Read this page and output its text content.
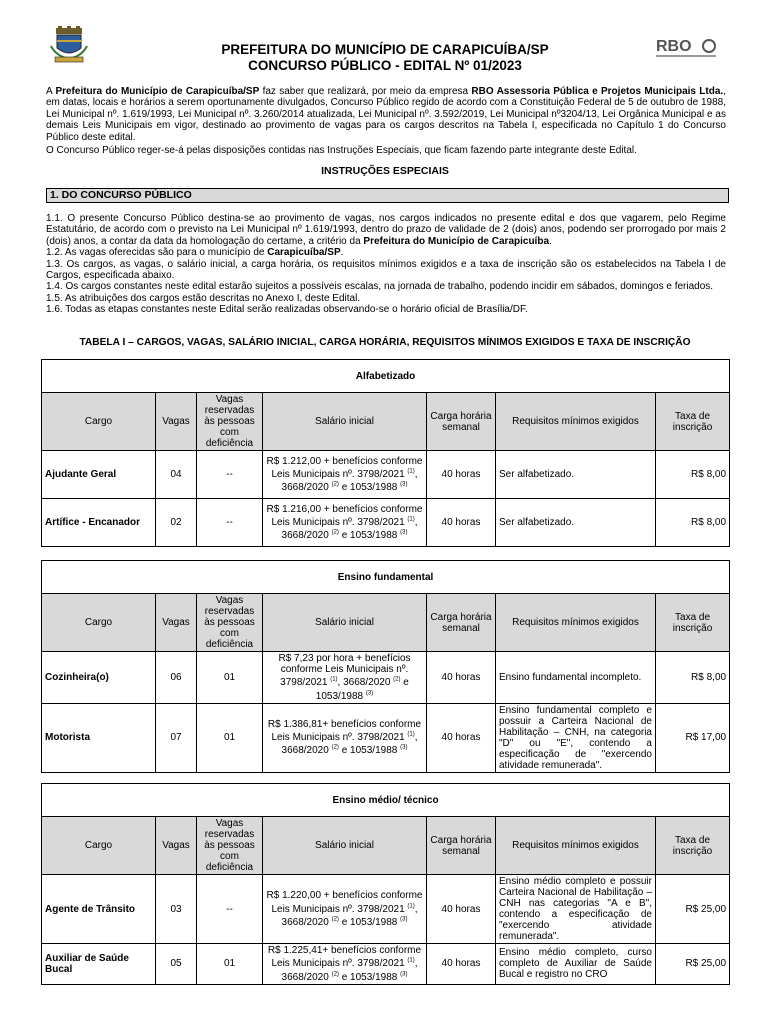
RBO
PREFEITURA DO MUNICÍPIO DE CARAPICUÍBA/SP
CONCURSO PÚBLICO - EDITAL Nº 01/2023

A Prefeitura do Município de Carapicuíba/SP faz saber que realizará, por meio da empresa RBO Assessoria Pública e Projetos Municipais Ltda., em datas, locais e horários a serem oportunamente divulgados, Concurso Público regido de acordo com a Constituição Federal de 5 de outubro de 1988, Lei Municipal nº. 1.619/1993, Lei Municipal nº. 3.260/2014 atualizada, Lei Municipal nº. 3.592/2019, Lei Municipal nº3204/13, Lei Orgânica Municipal e as demais Leis Municipais em vigor, destinado ao provimento de vagas para os cargos descritos na Tabela I, especificada no Capítulo 1 do Concurso Público deste edital.

O Concurso Público reger-se-á pelas disposições contidas nas Instruções Especiais, que ficam fazendo parte integrante deste Edital.

INSTRUÇÕES ESPECIAIS
1. DO CONCURSO PÚBLICO

1.1. O presente Concurso Público destina-se ao provimento de vagas, nos cargos indicados no presente edital e dos que vagarem, pelo Regime Estatutário, de acordo com o previsto na Lei Municipal nº 1.619/1993, dentro do prazo de validade de 2 (dois) anos, podendo ser prorrogado por mais 2 (dois) anos, a contar da data da homologação do certame, a critério da Prefeitura do Município de Carapicuíba.

1.2. As vagas oferecidas são para o município de Carapicuíba/SP.

1.3. Os cargos, as vagas, o salário inicial, a carga horária, os requisitos mínimos exigidos e a taxa de inscrição são os estabelecidos na Tabela I de Cargos, especificada abaixo.

1.4. Os cargos constantes neste edital estarão sujeitos a possíveis escalas, na jornada de trabalho, podendo incidir em sábados, domingos e feriados.

1.5. As atribuições dos cargos estão descritas no Anexo I, deste Edital.

1.6. Todas as etapas constantes neste Edital serão realizadas observando-se o horário oficial de Brasília/DF.

TABELA I – CARGOS, VAGAS, SALÁRIO INICIAL, CARGA HORÁRIA, REQUISITOS MÍNIMOS EXIGIDOS E TAXA DE INSCRIÇÃO
Alfabetizado						
Cargo	Vagas	Vagas reservadas às pessoas com deficiência	Salário inicial	Carga horária semanal	Requisitos mínimos exigidos	Taxa de inscrição
Ajudante Geral	04	--	R$ 1.212,00 + benefícios conforme Leis Municipais nº. 3798/2021 $^{(1)}$, 3668/2020 $^{(2)}$ e 1053/1988 $^{(3)}$	40 horas	Ser alfabetizado.	R$ 8,00
Artífice - Encanador	02	--	R$ 1.216,00 + benefícios conforme Leis Municipais nº. 3798/2021 $^{(1)}$, 3668/2020 $^{(2)}$ e 1053/1988 $^{(3)}$	40 horas	Ser alfabetizado.	R$ 8,00
Ensino fundamental						
Cargo	Vagas	Vagas reservadas às pessoas com deficiência	Salário inicial	Carga horária semanal	Requisitos mínimos exigidos	Taxa de inscrição
Cozinheira(o)	06	01	R$ 7,23 por hora + benefícios conforme Leis Municipais nº. 3798/2021 $^{(1)}$, 3668/2020 $^{(2)}$ e 1053/1988 $^{(3)}$	40 horas	Ensino fundamental incompleto.	R$ 8,00
Motorista	07	01	R$ 1.386,81+ benefícios conforme Leis Municipais nº. 3798/2021 $^{(1)}$, 3668/2020 $^{(2)}$ e 1053/1988 $^{(3)}$	40 horas	Ensino fundamental completo e possuir a Carteira Nacional de Habilitação – CNH, na categoria "D" ou "E", contendo a especificação de "exercendo atividade remunerada".	R$ 17,00
Ensino médio/ técnico						
Cargo	Vagas	Vagas reservadas às pessoas com deficiência	Salário inicial	Carga horária semanal	Requisitos mínimos exigidos	Taxa de inscrição
Agente de Trânsito	03	--	R$ 1.220,00 + benefícios conforme Leis Municipais nº. 3798/2021 $^{(1)}$, 3668/2020 $^{(2)}$ e 1053/1988 $^{(3)}$	40 horas	Ensino médio completo e possuir Carteira Nacional de Habilitação – CNH nas categorias "A e B", contendo a especificação de "exercendo atividade remunerada".	R$ 25,00
Auxiliar de Saúde Bucal	05	01	R$ 1.225,41+ benefícios conforme Leis Municipais nº. 3798/2021 $^{(1)}$, 3668/2020 $^{(2)}$ e 1053/1988 $^{(3)}$	40 horas	Ensino médio completo, curso completo de Auxiliar de Saúde Bucal e registro no CRO	R$ 25,00
